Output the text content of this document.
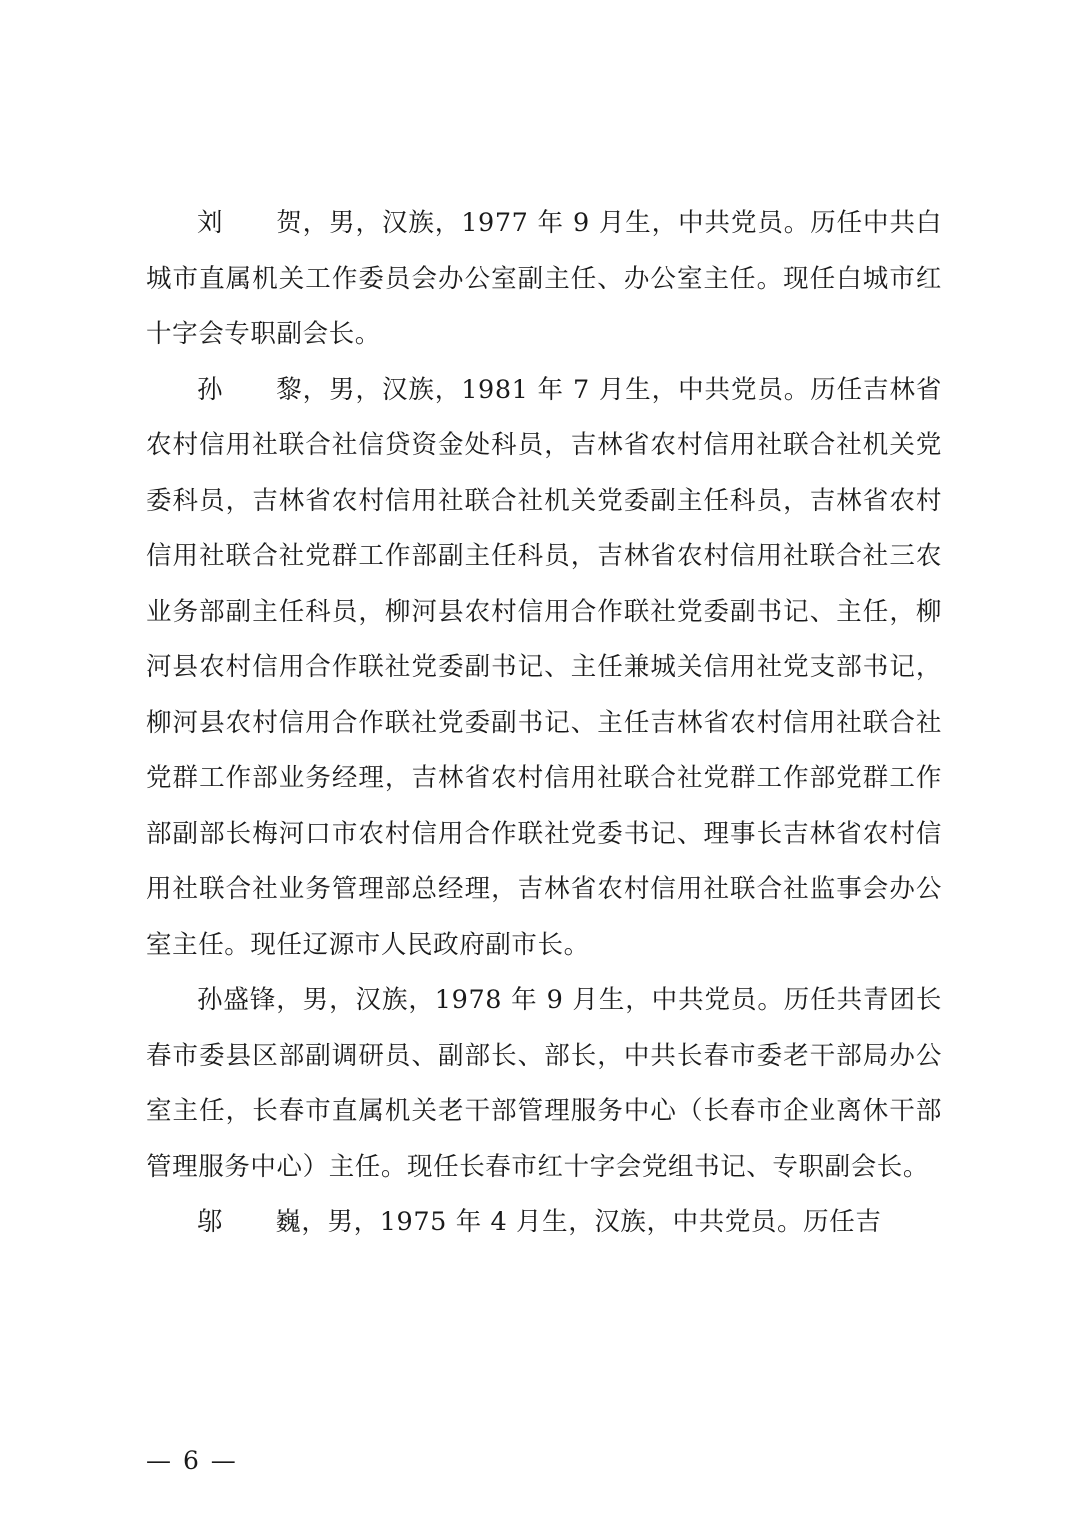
刘　　贺，男，汉族，1977 年 9 月生，中共党员。历任中共白城市直属机关工作委员会办公室副主任、办公室主任。现任白城市红十字会专职副会长。

孙　　黎，男，汉族，1981 年 7 月生，中共党员。历任吉林省农村信用社联合社信贷资金处科员，吉林省农村信用社联合社机关党委科员，吉林省农村信用社联合社机关党委副主任科员，吉林省农村信用社联合社党群工作部副主任科员，吉林省农村信用社联合社三农业务部副主任科员，柳河县农村信用合作联社党委副书记、主任，柳河县农村信用合作联社党委副书记、主任兼城关信用社党支部书记，柳河县农村信用合作联社党委副书记、主任吉林省农村信用社联合社党群工作部业务经理，吉林省农村信用社联合社党群工作部党群工作部副部长梅河口市农村信用合作联社党委书记、理事长吉林省农村信用社联合社业务管理部总经理，吉林省农村信用社联合社监事会办公室主任。现任辽源市人民政府副市长。

孙盛锋，男，汉族，1978 年 9 月生，中共党员。历任共青团长春市委县区部副调研员、副部长、部长，中共长春市委老干部局办公室主任，长春市直属机关老干部管理服务中心（长春市企业离休干部管理服务中心）主任。现任长春市红十字会党组书记、专职副会长。

邬　　巍，男，1975 年 4 月生，汉族，中共党员。历任吉

— 6 —
